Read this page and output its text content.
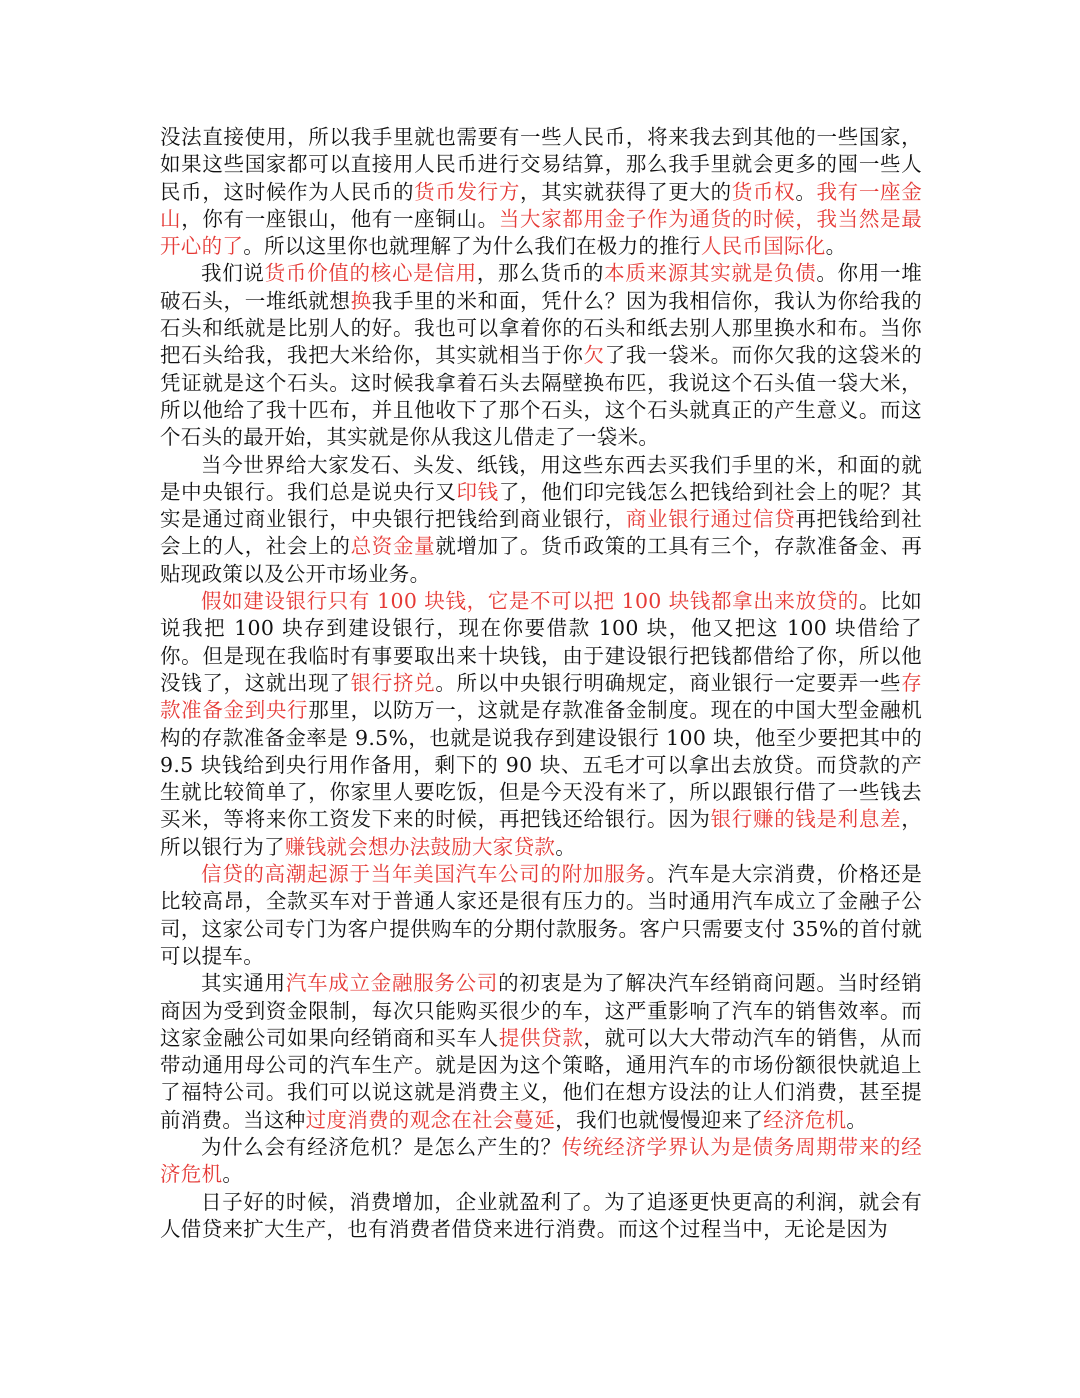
没法直接使用，所以我手里就也需要有一些人民币，将来我去到其他的一些国家，如果这些国家都可以直接用人民币进行交易结算，那么我手里就会更多的囤一些人民币，这时候作为人民币的货币发行方，其实就获得了更大的货币权。我有一座金山，你有一座银山，他有一座铜山。当大家都用金子作为通货的时候，我当然是最开心的了。所以这里你也就理解了为什么我们在极力的推行人民币国际化。

我们说货币价值的核心是信用，那么货币的本质来源其实就是负债。你用一堆破石头，一堆纸就想换我手里的米和面，凭什么？因为我相信你，我认为你给我的石头和纸就是比别人的好。我也可以拿着你的石头和纸去别人那里换水和布。当你把石头给我，我把大米给你，其实就相当于你欠了我一袋米。而你欠我的这袋米的凭证就是这个石头。这时候我拿着石头去隔壁换布匹，我说这个石头值一袋大米，所以他给了我十匹布，并且他收下了那个石头，这个石头就真正的产生意义。而这个石头的最开始，其实就是你从我这儿借走了一袋米。

当今世界给大家发石、头发、纸钱，用这些东西去买我们手里的米，和面的就是中央银行。我们总是说央行又印钱了，他们印完钱怎么把钱给到社会上的呢？其实是通过商业银行，中央银行把钱给到商业银行，商业银行通过信贷再把钱给到社会上的人，社会上的总资金量就增加了。货币政策的工具有三个，存款准备金、再贴现政策以及公开市场业务。

假如建设银行只有 100 块钱，它是不可以把 100 块钱都拿出来放贷的。比如说我把 100 块存到建设银行，现在你要借款 100 块，他又把这 100 块借给了你。但是现在我临时有事要取出来十块钱，由于建设银行把钱都借给了你，所以他没钱了，这就出现了银行挤兑。所以中央银行明确规定，商业银行一定要弄一些存款准备金到央行那里，以防万一，这就是存款准备金制度。现在的中国大型金融机构的存款准备金率是 9.5%，也就是说我存到建设银行 100 块，他至少要把其中的 9.5 块钱给到央行用作备用，剩下的 90 块、五毛才可以拿出去放贷。而贷款的产生就比较简单了，你家里人要吃饭，但是今天没有米了，所以跟银行借了一些钱去买米，等将来你工资发下来的时候，再把钱还给银行。因为银行赚的钱是利息差，所以银行为了赚钱就会想办法鼓励大家贷款。

信贷的高潮起源于当年美国汽车公司的附加服务。汽车是大宗消费，价格还是比较高昂，全款买车对于普通人家还是很有压力的。当时通用汽车成立了金融子公司，这家公司专门为客户提供购车的分期付款服务。客户只需要支付 35%的首付就可以提车。

其实通用汽车成立金融服务公司的初衷是为了解决汽车经销商问题。当时经销商因为受到资金限制，每次只能购买很少的车，这严重影响了汽车的销售效率。而这家金融公司如果向经销商和买车人提供贷款，就可以大大带动汽车的销售，从而带动通用母公司的汽车生产。就是因为这个策略，通用汽车的市场份额很快就追上了福特公司。我们可以说这就是消费主义，他们在想方设法的让人们消费，甚至提前消费。当这种过度消费的观念在社会蔓延，我们也就慢慢迎来了经济危机。

为什么会有经济危机？是怎么产生的？传统经济学界认为是债务周期带来的经济危机。

日子好的时候，消费增加，企业就盈利了。为了追逐更快更高的利润，就会有人借贷来扩大生产，也有消费者借贷来进行消费。而这个过程当中，无论是因为
